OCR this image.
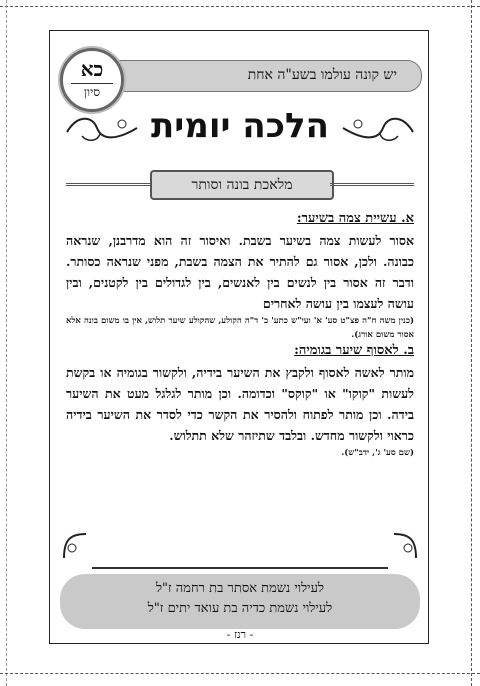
יש קונה עולמו בשע"ה אחת
כא
סיון
הלכה יומית
מלאכת בונה וסותר
א. עשיית צמה בשיער:
אסור לעשות צמה בשיער בשבת. ואיסור זה הוא מדרבנן, שנראה כבונה. ולכן, אסור גם להתיר את הצמה בשבת, מפני שנראה כסותר. ודבר זה אסור בין לנשים בין לאנשים, בין לגדולים בין לקטנים, ובין עושה לעצמו בין עושה לאחרים
(כנין משה ח"ה פצ"ט סע' א' ועי"ש כתע' כ' ד"ה הקולע, שהקולע שיער תלוש, אין בו משום בונה אלא אסור משום אורג).
ב. לאסוף שיער בגומיה:
מותר לאשה לאסוף ולקבץ את השיער בידיה, ולקשור בגומיה או בקשת לעשות "קוקו" או "קוקס" וכדומה. וכן מותר לגלגל מעט את השיער בידה. וכן מותר לפתוח ולהסיר את הקשר כדי לסדר את השיער בידיה כראוי ולקשור מחדש. ובלבד שתיזהר שלא תתלוש.
(שם סע' ג', ידב"ש).
לעילוי נשמת אסתר בת רחמה ז"ל
לעילוי נשמת כדיה בת עואד יתים ז"ל
- רנז -
